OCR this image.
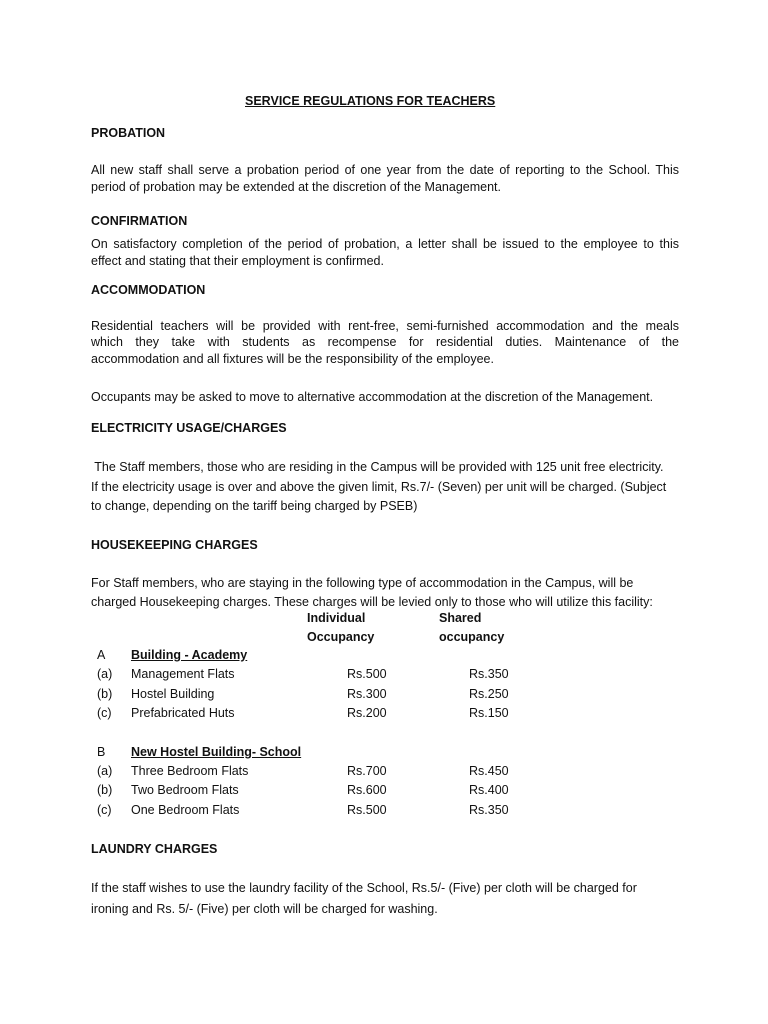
SERVICE REGULATIONS FOR TEACHERS
PROBATION
All new staff shall serve a probation period of one year from the date of reporting to the School. This
period of probation may be extended at the discretion of the Management.
CONFIRMATION
On satisfactory completion of the period of probation, a letter shall be issued to the employee to this
effect and stating that their employment is confirmed.
ACCOMMODATION
Residential teachers will be provided with rent-free, semi-furnished accommodation and the meals
which they take with students as recompense for residential duties. Maintenance of the
accommodation and all fixtures will be the responsibility of the employee.
Occupants may be asked to move to alternative accommodation at the discretion of the Management.
ELECTRICITY USAGE/CHARGES
The Staff members, those who are residing in the Campus will be provided with 125 unit free electricity.
If the electricity usage is over and above the given limit, Rs.7/- (Seven) per unit will be charged. (Subject
to change, depending on the tariff being charged by PSEB)
HOUSEKEEPING CHARGES
For Staff members, who are staying in the following type of accommodation in the Campus, will be
charged Housekeeping charges. These charges will be levied only to those who will utilize this facility:
Individual
Occupancy
Shared
occupancy
A Building - Academy
(a) Management Flats	Rs.500	Rs.350
(b) Hostel Building	Rs.300	Rs.250
(c) Prefabricated Huts	Rs.200	Rs.150
B New Hostel Building- School
(a) Three Bedroom Flats	Rs.700	Rs.450
(b) Two Bedroom Flats	Rs.600	Rs.400
(c) One Bedroom Flats	Rs.500	Rs.350
LAUNDRY CHARGES
If the staff wishes to use the laundry facility of the School, Rs.5/- (Five) per cloth will be charged for
ironing and Rs. 5/- (Five) per cloth will be charged for washing.
